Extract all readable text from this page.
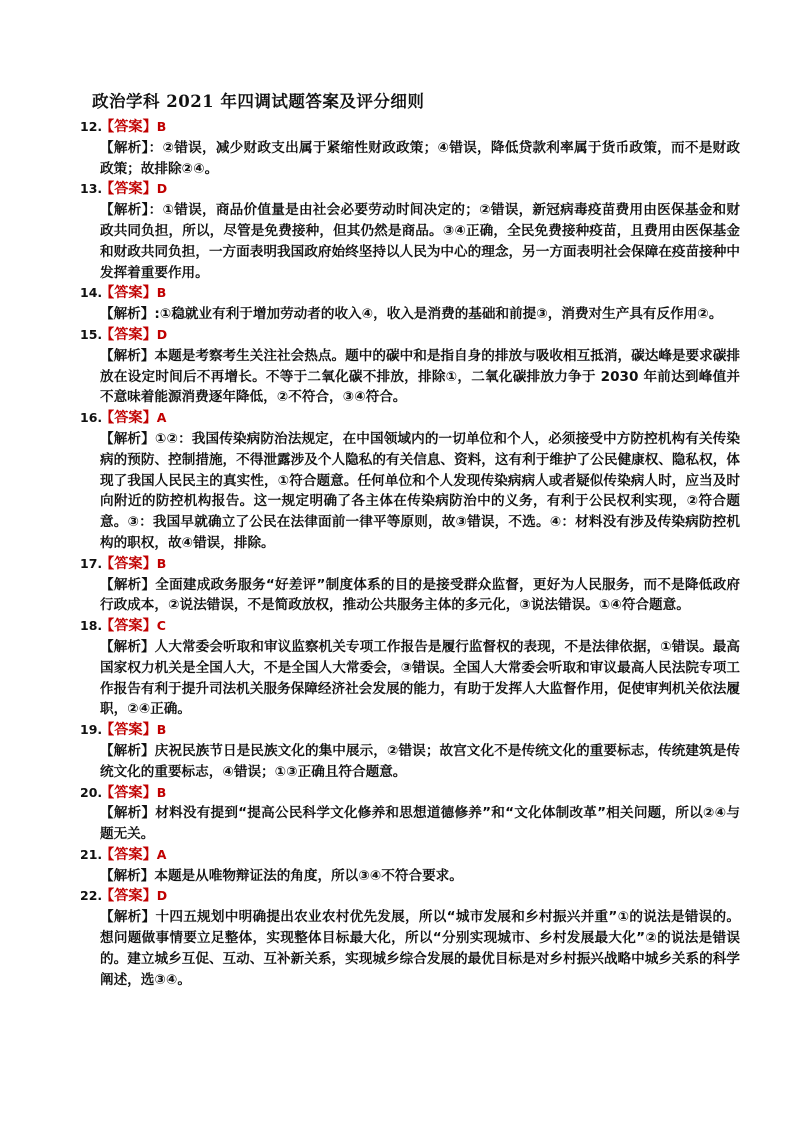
政治学科 2021 年四调试题答案及评分细则
12.【答案】B
【解析】：②错误，减少财政支出属于紧缩性财政政策；④错误，降低贷款利率属于货币政策，而不是财政政策；故排除②④。
13.【答案】D
【解析】：①错误，商品价值量是由社会必要劳动时间决定的；②错误，新冠病毒疫苗费用由医保基金和财政共同负担，所以，尽管是免费接种，但其仍然是商品。③④正确，全民免费接种疫苗，且费用由医保基金和财政共同负担，一方面表明我国政府始终坚持以人民为中心的理念，另一方面表明社会保障在疫苗接种中发挥着重要作用。
14.【答案】B
【解析】:①稳就业有利于增加劳动者的收入④，收入是消费的基础和前提③，消费对生产具有反作用②。
15.【答案】D
【解析】本题是考察考生关注社会热点。题中的碳中和是指自身的排放与吸收相互抵消，碳达峰是要求碳排放在设定时间后不再增长。不等于二氧化碳不排放，排除①，二氧化碳排放力争于 2030 年前达到峰值并不意味着能源消费逐年降低，②不符合，③④符合。
16.【答案】A
【解析】①②：我国传染病防治法规定，在中国领域内的一切单位和个人，必须接受中方防控机构有关传染病的预防、控制措施，不得泄露涉及个人隐私的有关信息、资料，这有利于维护了公民健康权、隐私权，体现了我国人民民主的真实性，①符合题意。任何单位和个人发现传染病病人或者疑似传染病人时，应当及时向附近的防控机构报告。这一规定明确了各主体在传染病防治中的义务，有利于公民权利实现，②符合题意。③：我国早就确立了公民在法律面前一律平等原则，故③错误，不选。④：材料没有涉及传染病防控机构的职权，故④错误，排除。
17.【答案】B
【解析】全面建成政务服务“好差评”制度体系的目的是接受群众监督，更好为人民服务，而不是降低政府行政成本，②说法错误，不是简政放权，推动公共服务主体的多元化，③说法错误。①④符合题意。
18.【答案】C
【解析】人大常委会听取和审议监察机关专项工作报告是履行监督权的表现，不是法律依据，①错误。最高国家权力机关是全国人大，不是全国人大常委会，③错误。全国人大常委会听取和审议最高人民法院专项工作报告有利于提升司法机关服务保障经济社会发展的能力，有助于发挥人大监督作用，促使审判机关依法履职，②④正确。
19.【答案】B
【解析】庆祝民族节日是民族文化的集中展示，②错误；故宫文化不是传统文化的重要标志，传统建筑是传统文化的重要标志，④错误；①③正确且符合题意。
20.【答案】B
【解析】材料没有提到“提高公民科学文化修养和思想道德修养”和“文化体制改革”相关问题，所以②④与题无关。
21.【答案】A
【解析】本题是从唯物辩证法的角度，所以③④不符合要求。
22.【答案】D
【解析】十四五规划中明确提出农业农村优先发展，所以“城市发展和乡村振兴并重”①的说法是错误的。想问题做事情要立足整体，实现整体目标最大化，所以“分别实现城市、乡村发展最大化”②的说法是错误的。建立城乡互促、互动、互补新关系，实现城乡综合发展的最优目标是对乡村振兴战略中城乡关系的科学阐述，选③④。
